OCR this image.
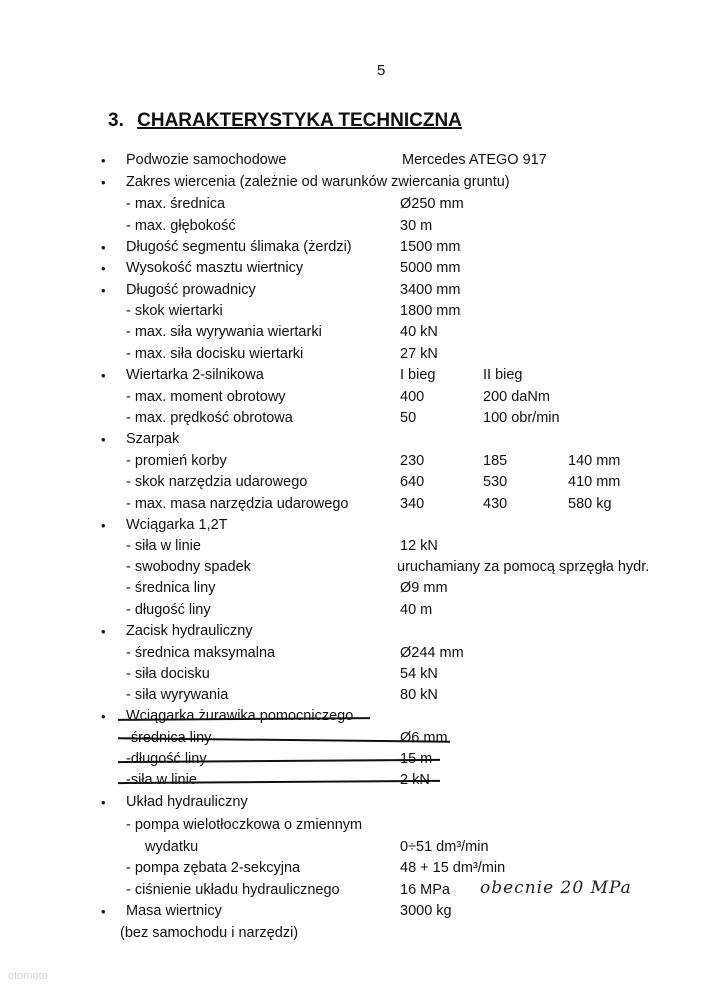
5
3. CHARAKTERYSTYKA TECHNICZNA
• Podwozie samochodowe	Mercedes ATEGO 917
• Zakres wiercenia (zależnie od warunków zwiercania gruntu)
- max. średnica	Ø250 mm
- max. głębokość	30 m
• Długość segmentu ślimaka (żerdzi)	1500 mm
• Wysokość masztu wiertnicy	5000 mm
• Długość prowadnicy	3400 mm
- skok wiertarki	1800 mm
- max. siła wyrywania wiertarki	40 kN
- max. siła docisku wiertarki	27 kN
• Wiertarka 2-silnikowa	I bieg	II bieg
- max. moment obrotowy	400	200 daNm
- max. prędkość obrotowa	50	100 obr/min
• Szarpak
- promień korby	230	185	140 mm
- skok narzędzia udarowego	640	530	410 mm
- max. masa narzędzia udarowego	340	430	580 kg
• Wciągarka 1,2T
- siła w linie	12 kN
- swobodny spadek	uruchamiany za pomocą sprzęgła hydr.
- średnica liny	Ø9 mm
- długość liny	40 m
• Zacisk hydrauliczny
- średnica maksymalna	Ø244 mm
- siła docisku	54 kN
- siła wyrywania	80 kN
• Wciągarka żurawika pomocniczego
-średnica liny	Ø6 mm
-długość liny	15 m
-siła w linie	2 kN
• Układ hydrauliczny
- pompa wielotłoczkowa o zmiennym
wydatku	0÷51 dm³/min
- pompa zębata 2-sekcyjna	48 + 15 dm³/min
- ciśnienie układu hydraulicznego	16 MPa
• Masa wiertnicy	3000 kg
(bez samochodu i narzędzi)
obecnie 20 MPa
otomoto
